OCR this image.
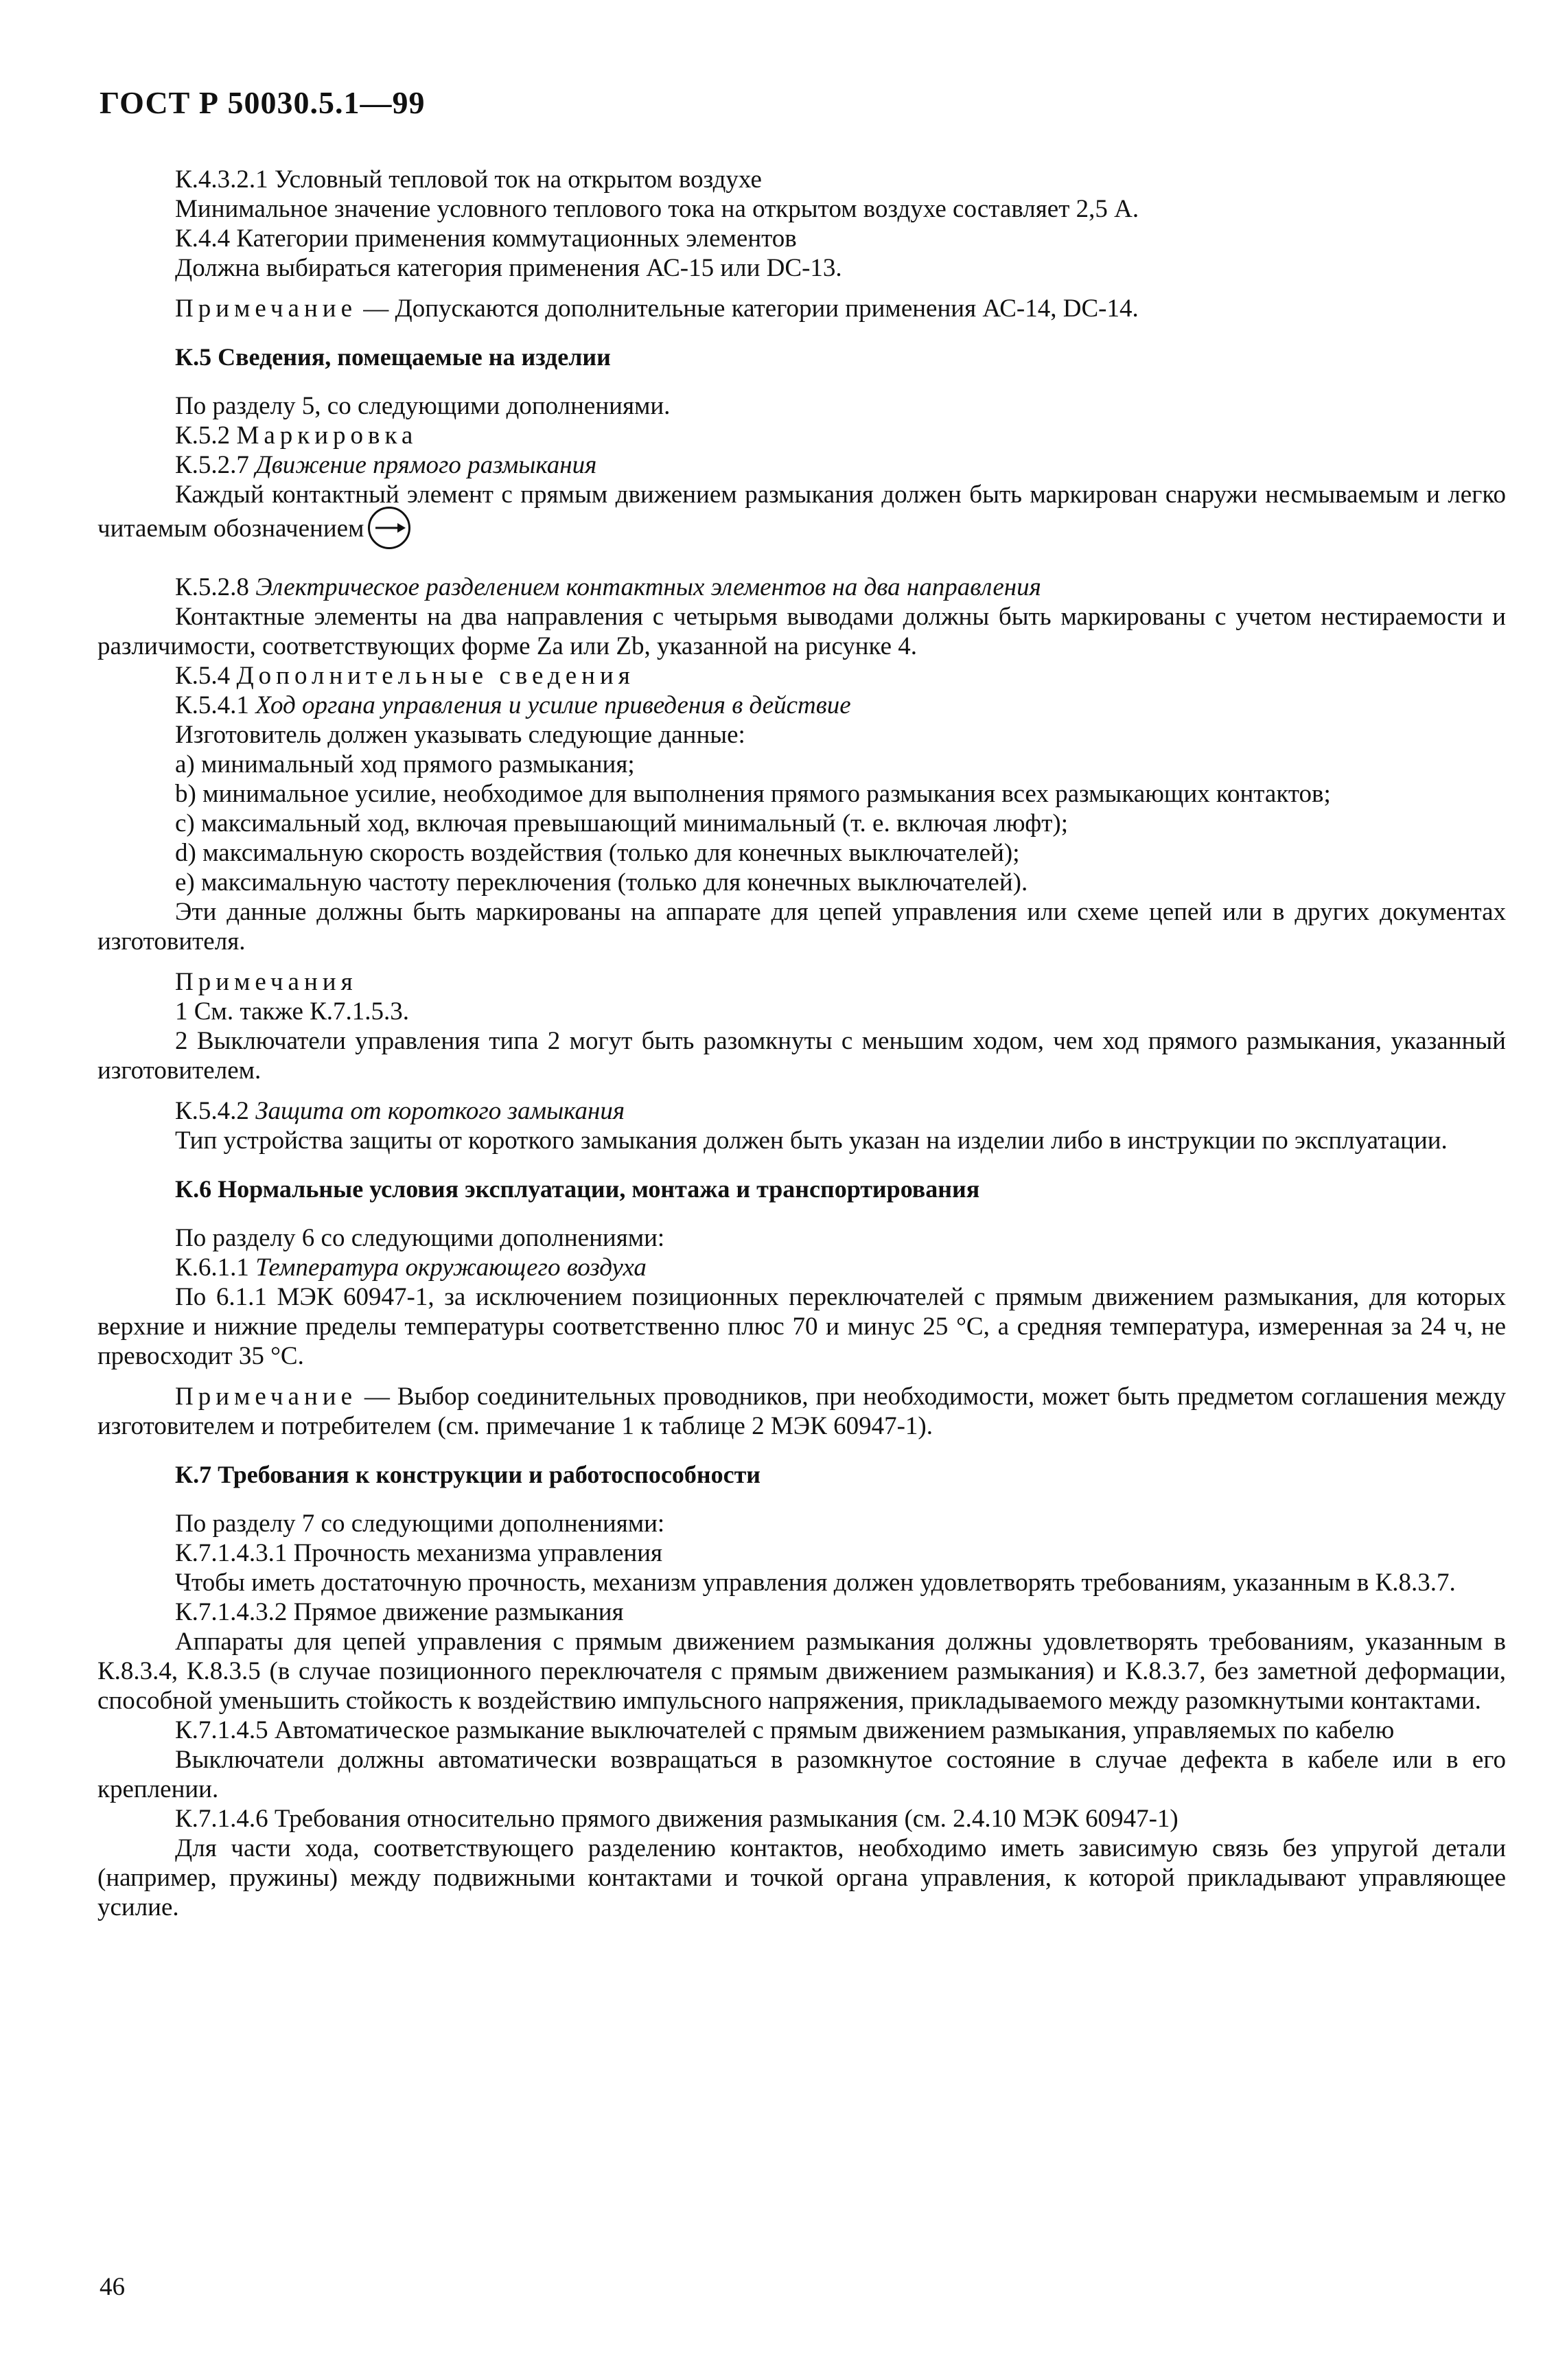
ГОСТ Р 50030.5.1—99

К.4.3.2.1 Условный тепловой ток на открытом воздухе

Минимальное значение условного теплового тока на открытом воздухе составляет 2,5 А.

К.4.4 Категории применения коммутационных элементов

Должна выбираться категория применения АС-15 или DC-13.

Примечание — Допускаются дополнительные категории применения АС-14, DC-14.

К.5 Сведения, помещаемые на изделии

По разделу 5, со следующими дополнениями.

К.5.2 Маркировка

К.5.2.7 Движение прямого размыкания

Каждый контактный элемент с прямым движением размыкания должен быть маркирован снаружи несмываемым и легко читаемым обозначением

К.5.2.8 Электрическое разделением контактных элементов на два направления

Контактные элементы на два направления с четырьмя выводами должны быть маркированы с учетом нестираемости и различимости, соответствующих форме Za или Zb, указанной на рисунке 4.

К.5.4 Дополнительные сведения

К.5.4.1 Ход органа управления и усилие приведения в действие

Изготовитель должен указывать следующие данные:

a) минимальный ход прямого размыкания;

b) минимальное усилие, необходимое для выполнения прямого размыкания всех размыкающих контактов;

c) максимальный ход, включая превышающий минимальный (т. е. включая люфт);

d) максимальную скорость воздействия (только для конечных выключателей);

e) максимальную частоту переключения (только для конечных выключателей).

Эти данные должны быть маркированы на аппарате для цепей управления или схеме цепей или в других документах изготовителя.

Примечания

1 См. также К.7.1.5.3.

2 Выключатели управления типа 2 могут быть разомкнуты с меньшим ходом, чем ход прямого размыкания, указанный изготовителем.

К.5.4.2 Защита от короткого замыкания

Тип устройства защиты от короткого замыкания должен быть указан на изделии либо в инструкции по эксплуатации.

К.6 Нормальные условия эксплуатации, монтажа и транспортирования

По разделу 6 со следующими дополнениями:

К.6.1.1 Температура окружающего воздуха

По 6.1.1 МЭК 60947-1, за исключением позиционных переключателей с прямым движением размыкания, для которых верхние и нижние пределы температуры соответственно плюс 70 и минус 25 °С, а средняя температура, измеренная за 24 ч, не превосходит 35 °С.

Примечание — Выбор соединительных проводников, при необходимости, может быть предметом соглашения между изготовителем и потребителем (см. примечание 1 к таблице 2 МЭК 60947-1).

К.7 Требования к конструкции и работоспособности

По разделу 7 со следующими дополнениями:

К.7.1.4.3.1 Прочность механизма управления

Чтобы иметь достаточную прочность, механизм управления должен удовлетворять требованиям, указанным в К.8.3.7.

К.7.1.4.3.2 Прямое движение размыкания

Аппараты для цепей управления с прямым движением размыкания должны удовлетворять требованиям, указанным в К.8.3.4, К.8.3.5 (в случае позиционного переключателя с прямым движением размыкания) и К.8.3.7, без заметной деформации, способной уменьшить стойкость к воздействию импульсного напряжения, прикладываемого между разомкнутыми контактами.

К.7.1.4.5 Автоматическое размыкание выключателей с прямым движением размыкания, управляемых по кабелю

Выключатели должны автоматически возвращаться в разомкнутое состояние в случае дефекта в кабеле или в его креплении.

К.7.1.4.6 Требования относительно прямого движения размыкания (см. 2.4.10 МЭК 60947-1)

Для части хода, соответствующего разделению контактов, необходимо иметь зависимую связь без упругой детали (например, пружины) между подвижными контактами и точкой органа управления, к которой прикладывают управляющее усилие.

46
